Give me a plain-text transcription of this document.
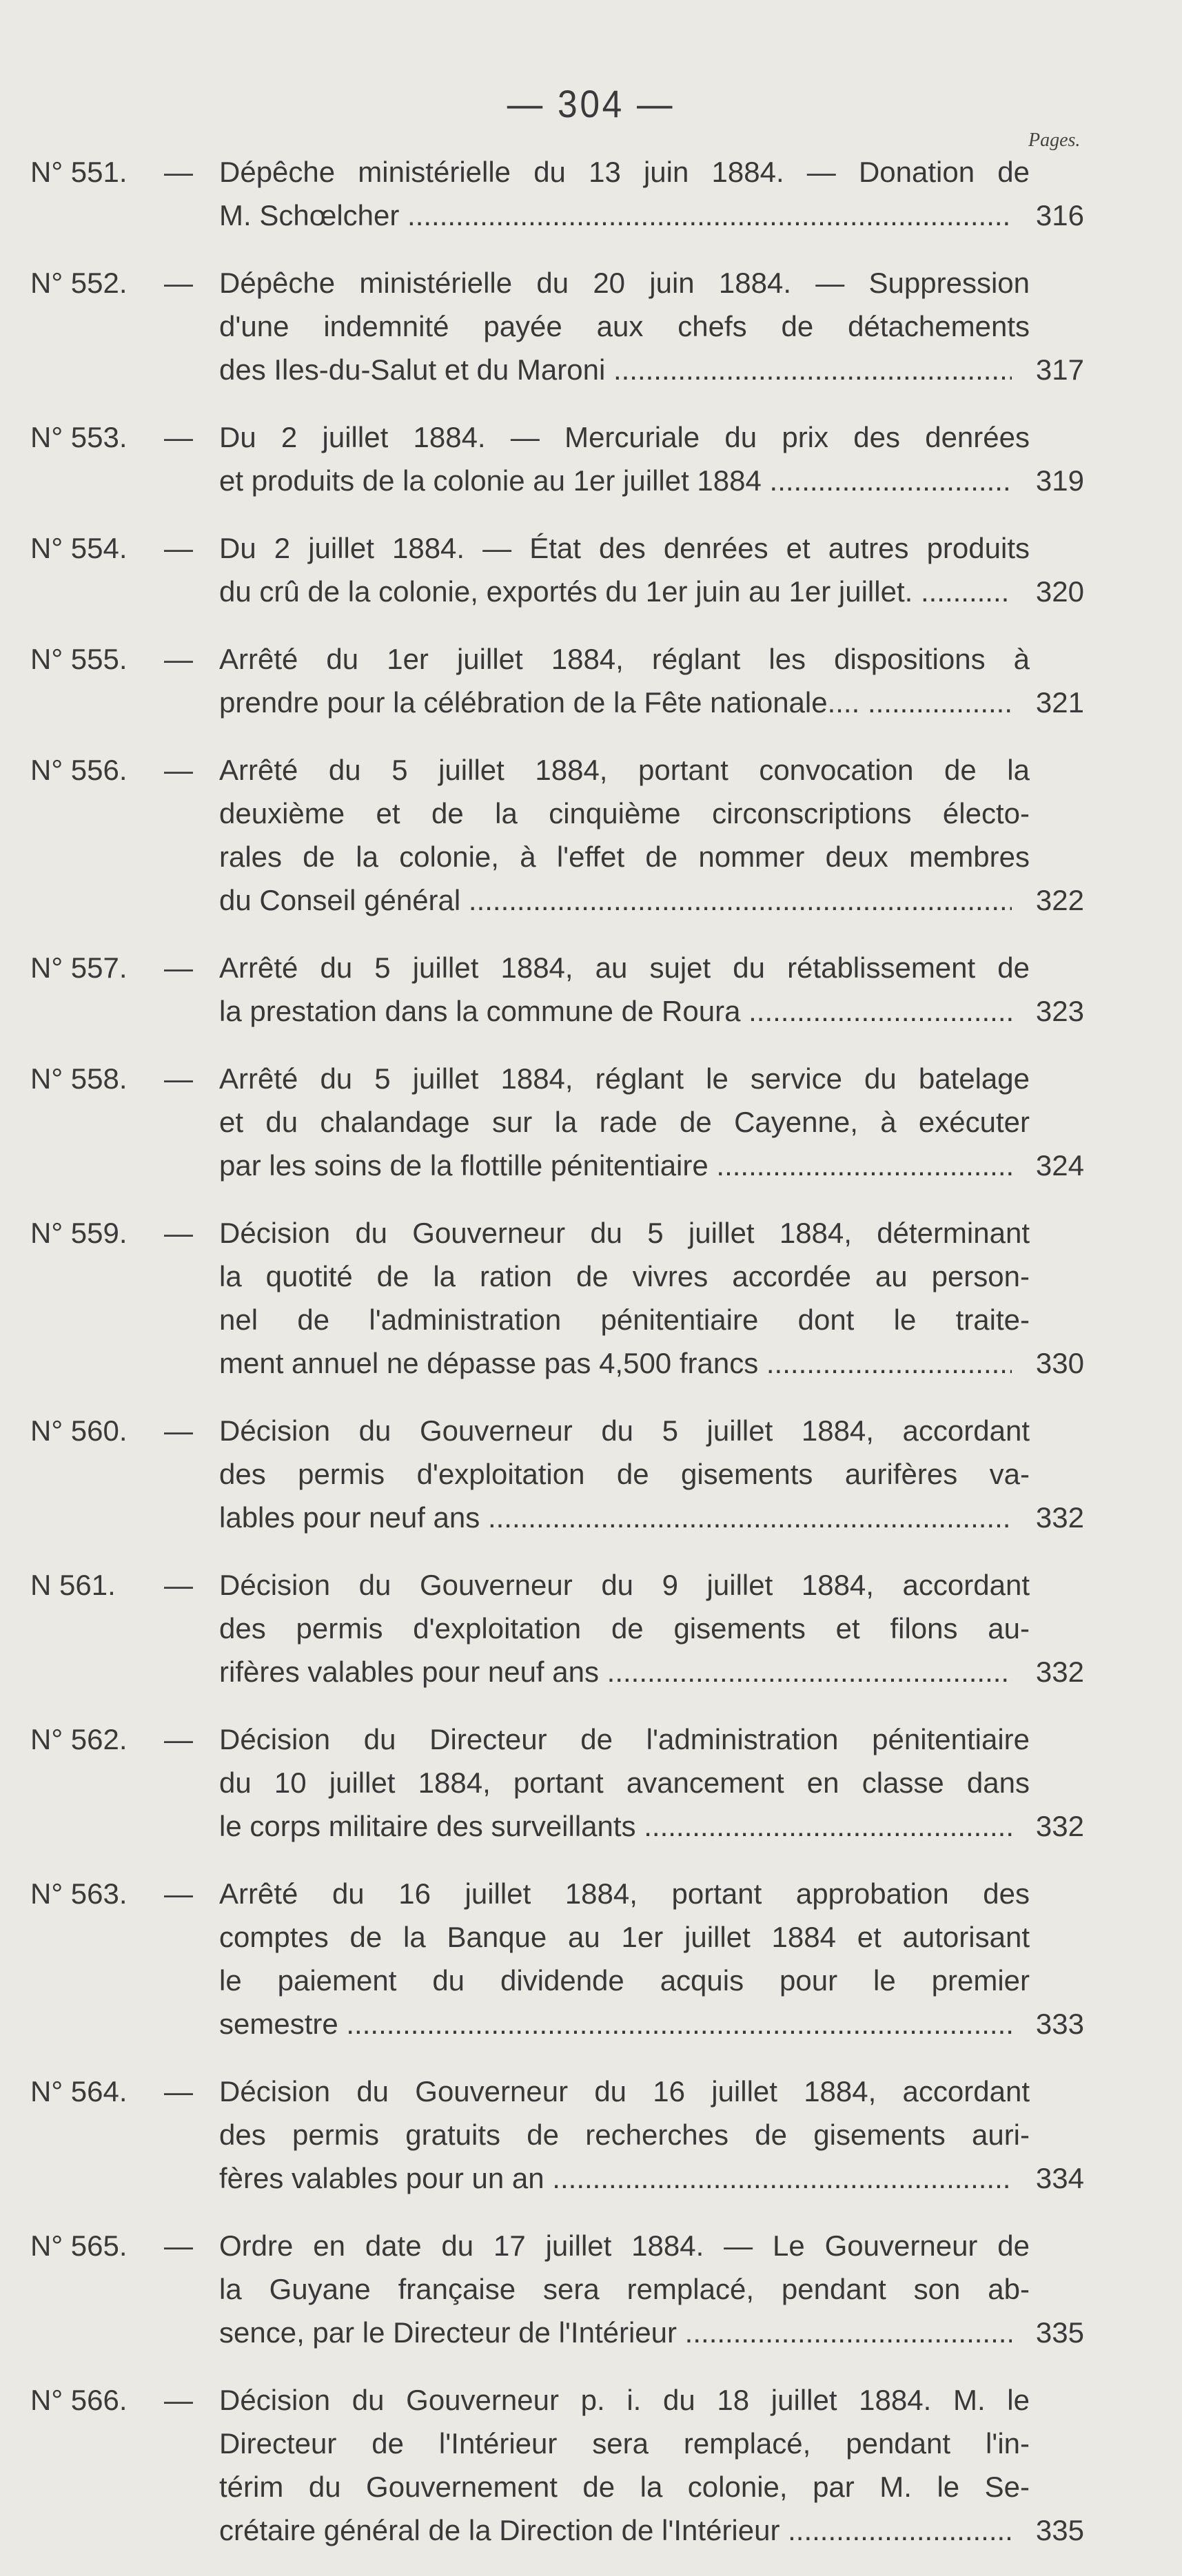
— 304 —
Pages.
N° 551. — Dépêche ministérielle du 13 juin 1884. — Donation de
M. Schœlcher .....	316
N° 552. — Dépêche ministérielle du 20 juin 1884. — Suppression
d'une indemnité payée aux chefs de détachements
des Iles-du-Salut et du Maroni .....	317
N° 553. — Du 2 juillet 1884. — Mercuriale du prix des denrées
et produits de la colonie au 1er juillet 1884 .....	319
N° 554. — Du 2 juillet 1884. — État des denrées et autres produits
du crû de la colonie, exportés du 1er juin au 1er juillet. .....	320
N° 555. — Arrêté du 1er juillet 1884, réglant les dispositions à
prendre pour la célébration de la Fête nationale.... .....	321
N° 556. — Arrêté du 5 juillet 1884, portant convocation de la
deuxième et de la cinquième circonscriptions électo-
rales de la colonie, à l'effet de nommer deux membres
du Conseil général .....	322
N° 557. — Arrêté du 5 juillet 1884, au sujet du rétablissement de
la prestation dans la commune de Roura .....	323
N° 558. — Arrêté du 5 juillet 1884, réglant le service du batelage
et du chalandage sur la rade de Cayenne, à exécuter
par les soins de la flottille pénitentiaire .....	324
N° 559. — Décision du Gouverneur du 5 juillet 1884, déterminant
la quotité de la ration de vivres accordée au person-
nel de l'administration pénitentiaire dont le traite-
ment annuel ne dépasse pas 4,500 francs .....	330
N° 560. — Décision du Gouverneur du 5 juillet 1884, accordant
des permis d'exploitation de gisements aurifères va-
lables pour neuf ans .....	332
N 561. — Décision du Gouverneur du 9 juillet 1884, accordant
des permis d'exploitation de gisements et filons au-
rifères valables pour neuf ans .....	332
N° 562. — Décision du Directeur de l'administration pénitentiaire
du 10 juillet 1884, portant avancement en classe dans
le corps militaire des surveillants .....	332
N° 563. — Arrêté du 16 juillet 1884, portant approbation des
comptes de la Banque au 1er juillet 1884 et autorisant
le paiement du dividende acquis pour le premier
semestre .....	333
N° 564. — Décision du Gouverneur du 16 juillet 1884, accordant
des permis gratuits de recherches de gisements auri-
fères valables pour un an .....	334
N° 565. — Ordre en date du 17 juillet 1884. — Le Gouverneur de
la Guyane française sera remplacé, pendant son ab-
sence, par le Directeur de l'Intérieur .....	335
N° 566. — Décision du Gouverneur p. i. du 18 juillet 1884. M. le
Directeur de l'Intérieur sera remplacé, pendant l'in-
térim du Gouvernement de la colonie, par M. le Se-
crétaire général de la Direction de l'Intérieur .....	335
